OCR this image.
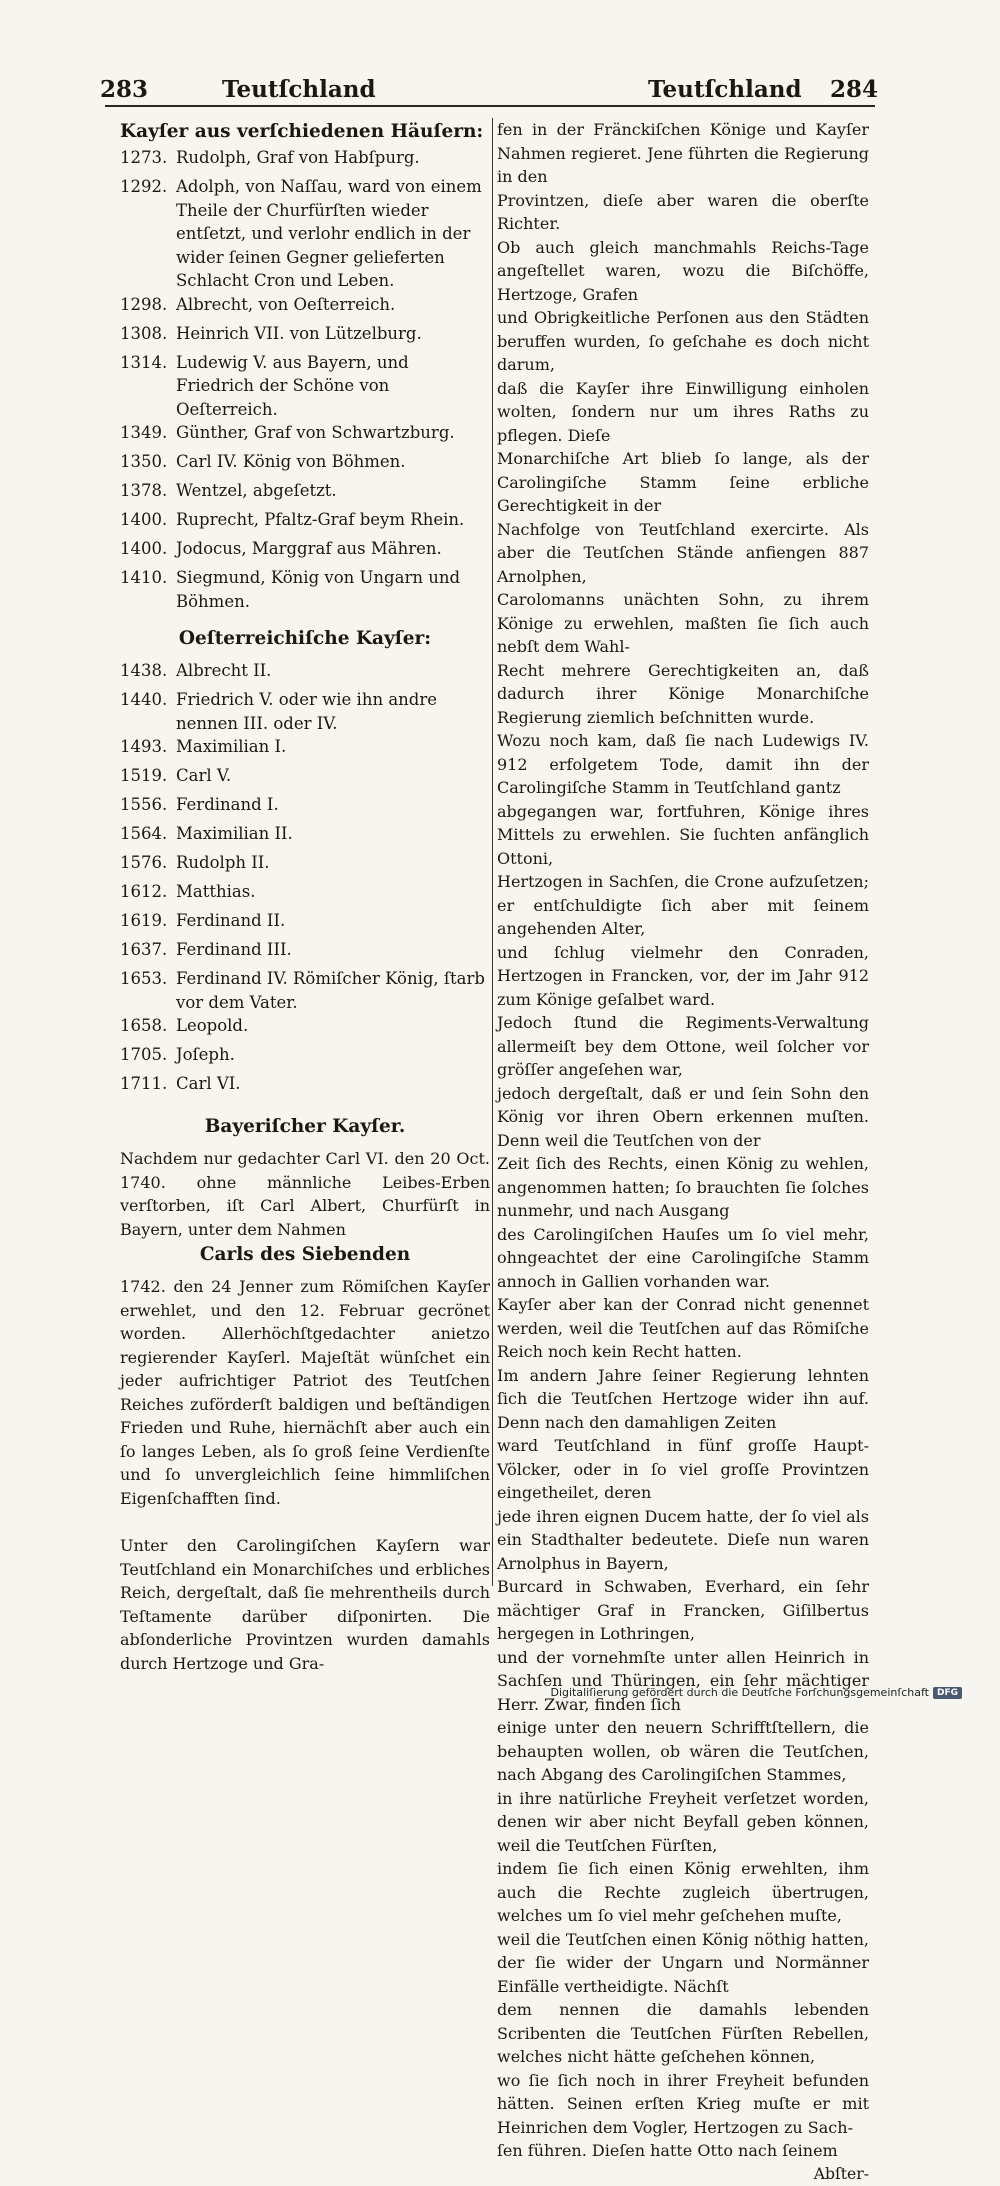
283	Teutſchland	Teutſchland 284
Kayſer aus verſchiedenen Häuſern:
1273. Rudolph, Graf von Habſpurg.
1292. Adolph, von Naſſau, ward von einem Theile der Churfürſten wieder entſetzt, und verlohr endlich in der wider ſeinen Gegner gelieferten Schlacht Cron und Leben.
1298. Albrecht, von Oeſterreich.
1308. Heinrich VII. von Lützelburg.
1314. Ludewig V. aus Bayern, und Friedrich der Schöne von Oeſterreich.
1349. Günther, Graf von Schwartzburg.
1350. Carl IV. König von Böhmen.
1378. Wentzel, abgeſetzt.
1400. Ruprecht, Pfaltz-Graf beym Rhein.
1400. Jodocus, Marggraf aus Mähren.
1410. Siegmund, König von Ungarn und Böhmen.
Oeſterreichiſche Kayſer:
1438. Albrecht II.
1440. Friedrich V. oder wie ihn andre nennen III. oder IV.
1493. Maximilian I.
1519. Carl V.
1556. Ferdinand I.
1564. Maximilian II.
1576. Rudolph II.
1612. Matthias.
1619. Ferdinand II.
1637. Ferdinand III.
1653. Ferdinand IV. Römiſcher König, ſtarb vor dem Vater.
1658. Leopold.
1705. Joſeph.
1711. Carl VI.
Bayeriſcher Kayſer.
Nachdem nur gedachter Carl VI. den 20 Oct. 1740. ohne männliche Leibes-Erben verſtorben, iſt Carl Albert, Churfürſt in Bayern, unter dem Nahmen
Carls des Siebenden
1742. den 24 Jenner zum Römiſchen Kayſer erwehlet, und den 12. Februar gecrönet worden. Allerhöchſtgedachter anietzo regierender Kayſerl. Majeſtät wünſchet ein jeder aufrichtiger Patriot des Teutſchen Reiches zuförderſt baldigen und beſtändigen Frieden und Ruhe, hiernächſt aber auch ein ſo langes Leben, als ſo groß ſeine Verdienſte und ſo unvergleichlich ſeine himmliſchen Eigenſchafften ſind.
Unter den Carolingiſchen Kayſern war Teutſchland ein Monarchiſches und erbliches Reich, dergeſtalt, daß ſie mehrentheils durch Teſtamente darüber diſponirten. Die abſonderliche Provintzen wurden damahls durch Hertzoge und Gra-
fen in der Fränckiſchen Könige und Kayſer Nahmen regieret. Jene führten die Regierung in den
Provintzen, dieſe aber waren die oberſte Richter.
Ob auch gleich manchmahls Reichs-Tage angeſtellet waren, wozu die Biſchöffe, Hertzoge, Grafen
und Obrigkeitliche Perſonen aus den Städten beruffen wurden, ſo geſchahe es doch nicht darum,
daß die Kayſer ihre Einwilligung einholen wolten, ſondern nur um ihres Raths zu pflegen. Dieſe
Monarchiſche Art blieb ſo lange, als der Carolingiſche Stamm ſeine erbliche Gerechtigkeit in der
Nachfolge von Teutſchland exercirte. Als aber die Teutſchen Stände anfiengen 887 Arnolphen,
Carolomanns unächten Sohn, zu ihrem Könige zu erwehlen, maßten ſie ſich auch nebſt dem Wahl-
Recht mehrere Gerechtigkeiten an, daß dadurch ihrer Könige Monarchiſche Regierung ziemlich beſchnitten wurde.
Wozu noch kam, daß ſie nach Ludewigs IV. 912 erfolgetem Tode, damit ihn der Carolingiſche Stamm in Teutſchland gantz
abgegangen war, fortfuhren, Könige ihres Mittels zu erwehlen. Sie ſuchten anfänglich Ottoni,
Hertzogen in Sachſen, die Crone aufzuſetzen; er entſchuldigte ſich aber mit ſeinem angehenden Alter,
und ſchlug vielmehr den Conraden, Hertzogen in Francken, vor, der im Jahr 912 zum Könige geſalbet ward.
Jedoch ſtund die Regiments-Verwaltung allermeiſt bey dem Ottone, weil ſolcher vor gröſſer angeſehen war,
jedoch dergeſtalt, daß er und ſein Sohn den König vor ihren Obern erkennen muſten. Denn weil die Teutſchen von der
Zeit ſich des Rechts, einen König zu wehlen, angenommen hatten; ſo brauchten ſie ſolches nunmehr, und nach Ausgang
des Carolingiſchen Hauſes um ſo viel mehr, ohngeachtet der eine Carolingiſche Stamm annoch in Gallien vorhanden war.
Kayſer aber kan der Conrad nicht genennet werden, weil die Teutſchen auf das Römiſche Reich noch kein Recht hatten.
Im andern Jahre ſeiner Regierung lehnten ſich die Teutſchen Hertzoge wider ihn auf. Denn nach den damahligen Zeiten
ward Teutſchland in fünf groſſe Haupt-Völcker, oder in ſo viel groſſe Provintzen eingetheilet, deren
jede ihren eignen Ducem hatte, der ſo viel als ein Stadthalter bedeutete. Dieſe nun waren Arnolphus in Bayern,
Burcard in Schwaben, Everhard, ein ſehr mächtiger Graf in Francken, Giſilbertus hergegen in Lothringen,
und der vornehmſte unter allen Heinrich in Sachſen und Thüringen, ein ſehr mächtiger Herr. Zwar, finden ſich
einige unter den neuern Schrifftſtellern, die behaupten wollen, ob wären die Teutſchen, nach Abgang des Carolingiſchen Stammes,
in ihre natürliche Freyheit verſetzet worden, denen wir aber nicht Beyfall geben können, weil die Teutſchen Fürſten,
indem ſie ſich einen König erwehlten, ihm auch die Rechte zugleich übertrugen, welches um ſo viel mehr geſchehen muſte,
weil die Teutſchen einen König nöthig hatten, der ſie wider der Ungarn und Normänner Einfälle vertheidigte. Nächſt
dem nennen die damahls lebenden Scribenten die Teutſchen Fürſten Rebellen, welches nicht hätte geſchehen können,
wo ſie ſich noch in ihrer Freyheit befunden hätten. Seinen erſten Krieg muſte er mit Heinrichen dem Vogler, Hertzogen zu Sach-
ſen führen. Dieſen hatte Otto nach ſeinem
Abſter-
Digitaliſierung gefördert durch die Deutſche Forſchungsgemeinſchaft DFG
